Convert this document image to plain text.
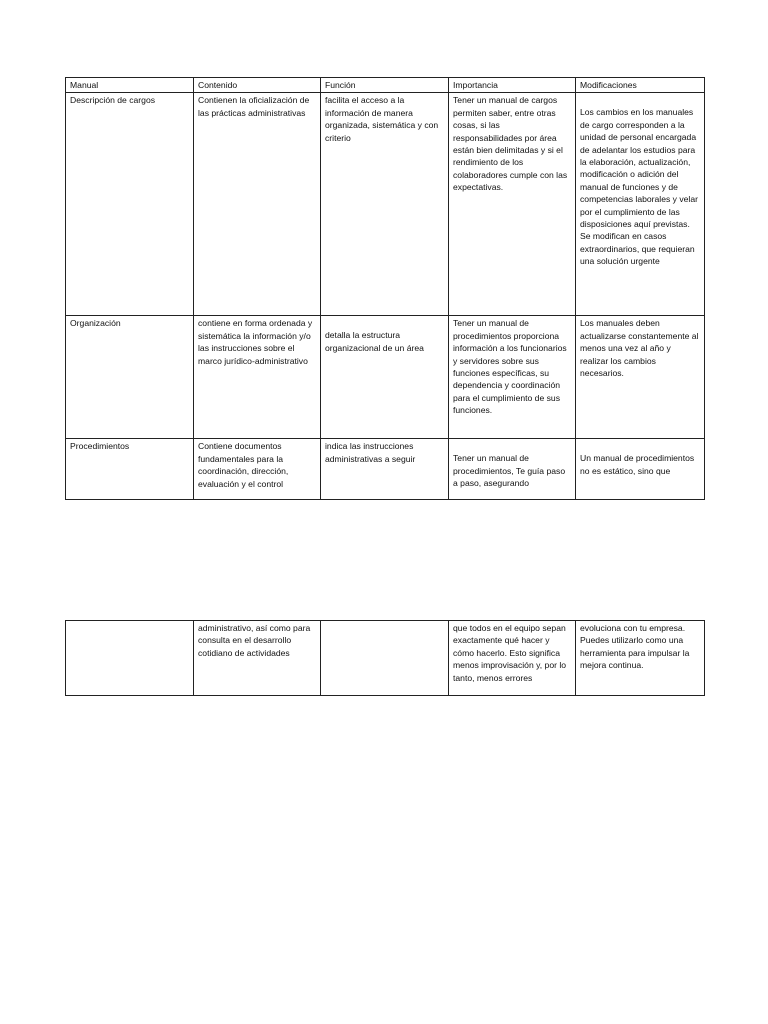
Manual	Contenido	Función	Importancia	Modificaciones
Descripción de cargos	Contienen la oficialización de las prácticas administrativas	facilita el acceso a la información de manera organizada, sistemática y con criterio	Tener un manual de cargos permiten saber, entre otras cosas, si las responsabilidades por área están bien delimitadas y si el rendimiento de los colaboradores cumple con las expectativas.	Los cambios en los manuales de cargo corresponden a la unidad de personal encargada de adelantar los estudios para la elaboración, actualización, modificación o adición del manual de funciones y de competencias laborales y velar por el cumplimiento de las disposiciones aquí previstas. Se modifican en casos extraordinarios, que requieran una solución urgente
Organización	contiene en forma ordenada y sistemática la información y/o las instrucciones sobre el marco jurídico-administrativo	detalla la estructura organizacional de un área	Tener un manual de procedimientos proporciona información a los funcionarios y servidores sobre sus funciones específicas, su dependencia y coordinación para el cumplimiento de sus funciones.	Los manuales deben actualizarse constantemente al menos una vez al año y realizar los cambios necesarios.
Procedimientos	Contiene documentos fundamentales para la coordinación, dirección, evaluación y el control	indica las instrucciones administrativas a seguir	Tener un manual de procedimientos, Te guía paso a paso, asegurando	Un manual de procedimientos no es estático, sino que
	administrativo, así como para consulta en el desarrollo cotidiano de actividades		que todos en el equipo sepan exactamente qué hacer y cómo hacerlo. Esto significa menos improvisación y, por lo tanto, menos errores	evoluciona con tu empresa. Puedes utilizarlo como una herramienta para impulsar la mejora continua.
